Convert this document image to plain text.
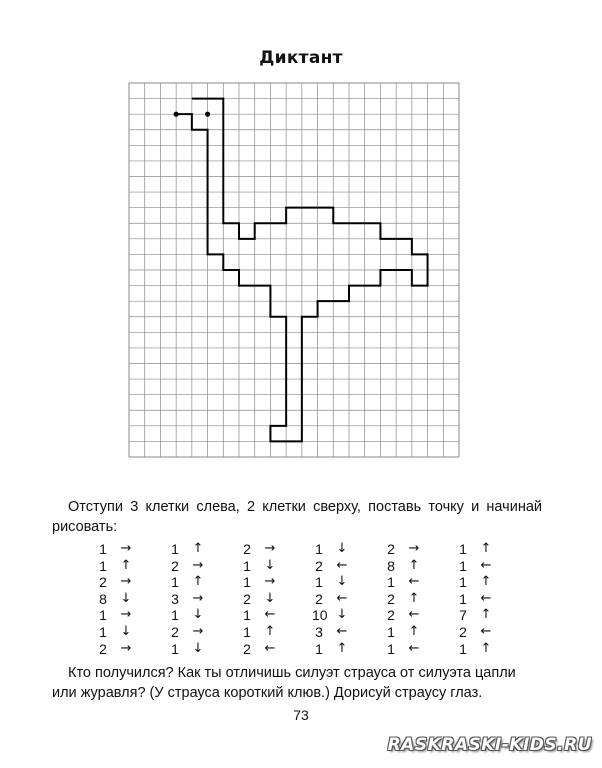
Диктант
Отступи 3 клетки слева, 2 клетки сверху, поставь точку и начинай рисовать:
1 →	1 ↑	2 →	1 ↓	2 →	1 ↑
1 ↑	2 →	1 ↓	2 ←	8 ↑	1 ←
2 →	1 ↑	1 →	1 ↓	1 ←	1 ↑
8 ↓	3 →	2 ↓	2 ←	2 ↑	1 ←
1 →	1 ↓	1 ←	10 ↓	2 ←	7 ↑
1 ↓	2 →	1 ↑	3 ←	1 ↑	2 ←
2 →	1 ↓	2 ←	1 ↑	1 ←	1 ↑
Кто получился? Как ты отличишь силуэт страуса от силуэта цапли или журавля? (У страуса короткий клюв.) Дорисуй страусу глаз.
73
RASKRASKI-KIDS.RU
